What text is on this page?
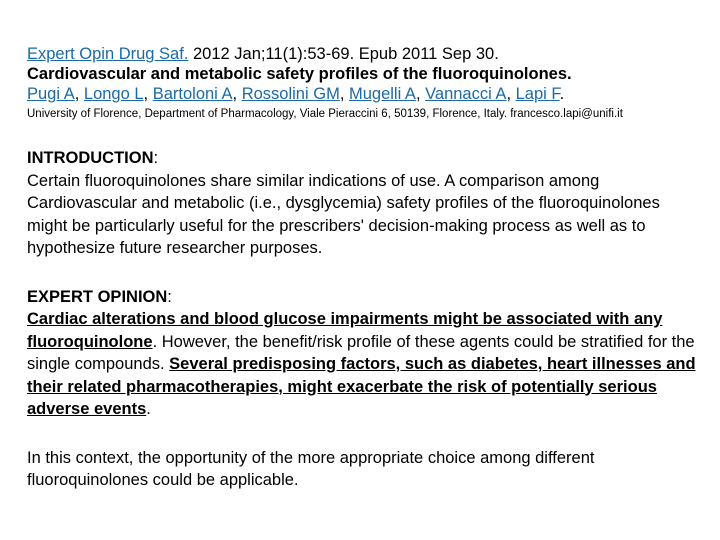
Expert Opin Drug Saf. 2012 Jan;11(1):53-69. Epub 2011 Sep 30.
Cardiovascular and metabolic safety profiles of the fluoroquinolones.
Pugi A, Longo L, Bartoloni A, Rossolini GM, Mugelli A, Vannacci A, Lapi F.
University of Florence, Department of Pharmacology, Viale Pieraccini 6, 50139, Florence, Italy. francesco.lapi@unifi.it
INTRODUCTION:
Certain fluoroquinolones share similar indications of use. A comparison among Cardiovascular and metabolic (i.e., dysglycemia) safety profiles of the fluoroquinolones might be particularly useful for the prescribers' decision-making process as well as to hypothesize future researcher purposes.
EXPERT OPINION:
Cardiac alterations and blood glucose impairments might be associated with any fluoroquinolone. However, the benefit/risk profile of these agents could be stratified for the single compounds. Several predisposing factors, such as diabetes, heart illnesses and their related pharmacotherapies, might exacerbate the risk of potentially serious adverse events.
In this context, the opportunity of the more appropriate choice among different fluoroquinolones could be applicable.
